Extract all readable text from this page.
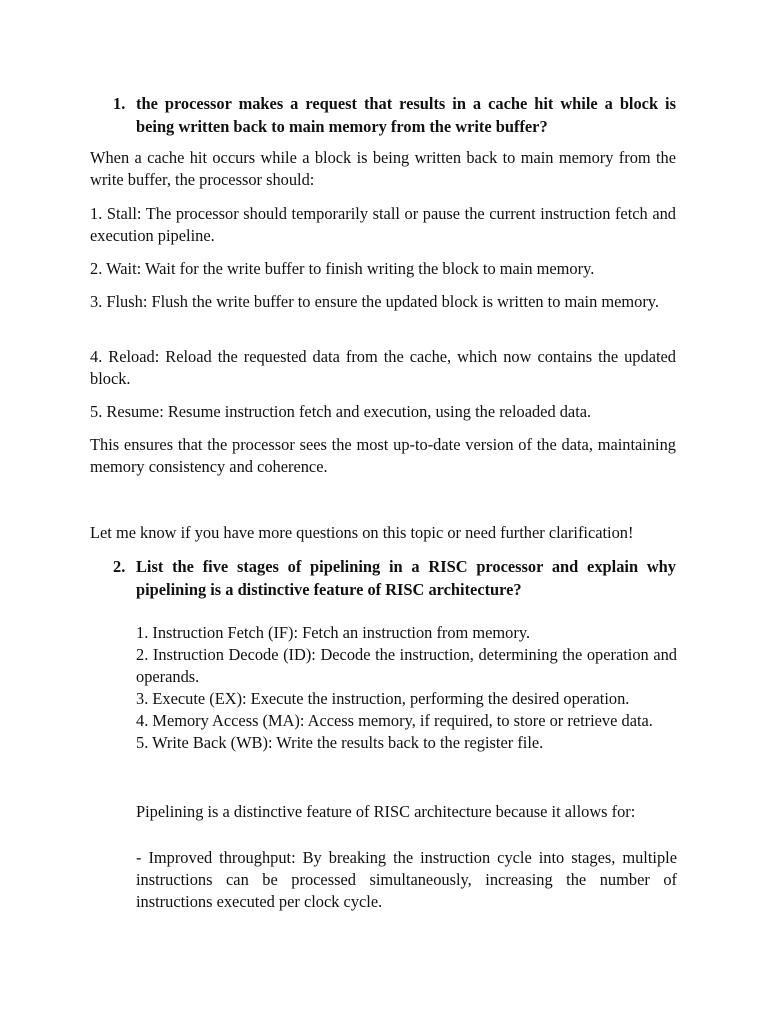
1. the processor makes a request that results in a cache hit while a block is being written back to main memory from the write buffer?
When a cache hit occurs while a block is being written back to main memory from the write buffer, the processor should:
1. Stall: The processor should temporarily stall or pause the current instruction fetch and execution pipeline.
2. Wait: Wait for the write buffer to finish writing the block to main memory.
3. Flush: Flush the write buffer to ensure the updated block is written to main memory.
4. Reload: Reload the requested data from the cache, which now contains the updated block.
5. Resume: Resume instruction fetch and execution, using the reloaded data.
This ensures that the processor sees the most up-to-date version of the data, maintaining memory consistency and coherence.
Let me know if you have more questions on this topic or need further clarification!
2. List the five stages of pipelining in a RISC processor and explain why pipelining is a distinctive feature of RISC architecture?
1. Instruction Fetch (IF): Fetch an instruction from memory.
2. Instruction Decode (ID): Decode the instruction, determining the operation and operands.
3. Execute (EX): Execute the instruction, performing the desired operation.
4. Memory Access (MA): Access memory, if required, to store or retrieve data.
5. Write Back (WB): Write the results back to the register file.
Pipelining is a distinctive feature of RISC architecture because it allows for:
- Improved throughput: By breaking the instruction cycle into stages, multiple instructions can be processed simultaneously, increasing the number of instructions executed per clock cycle.
